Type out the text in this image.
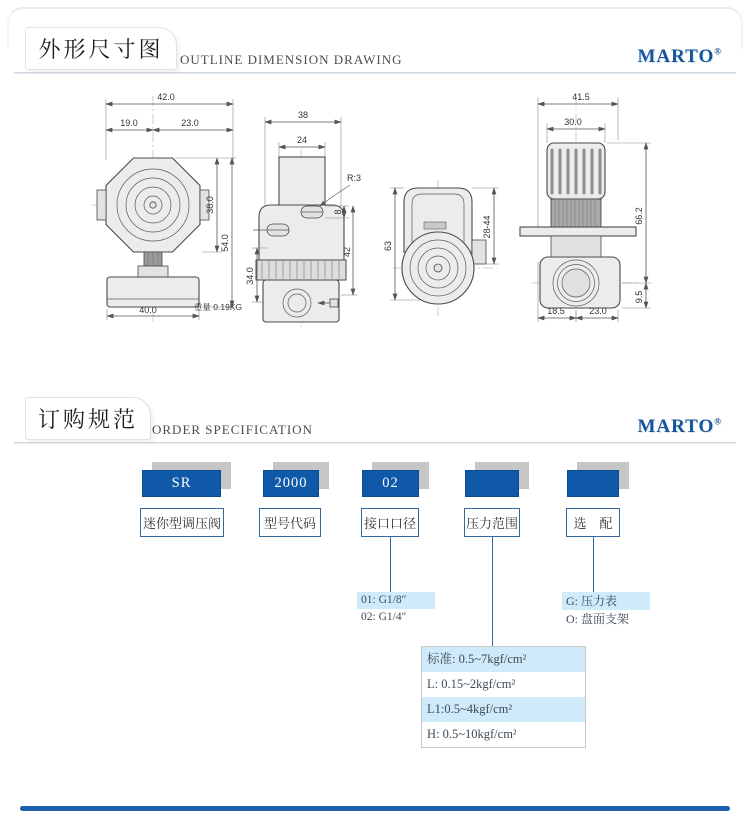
外形尺寸图	OUTLINE DIMENSION DRAWING	MARTO®
42.0
19.0	23.0
38.0
54.0
40.0	重量 0.19KG
38
24
R:3
8
42
34.0
63
28-44
41.5
30.0
66.2
9.5
18.5	23.0
订购规范	ORDER SPECIFICATION	MARTO®
SR	2000	02
迷你型调压阀	型号代码	接口口径	压力范围	选　配
01: G1/8″
02: G1/4″
G: 压力表
O: 盘面支架
标准: 0.5~7kgf/cm²
L: 0.15~2kgf/cm²
L1:0.5~4kgf/cm²
H: 0.5~10kgf/cm²
